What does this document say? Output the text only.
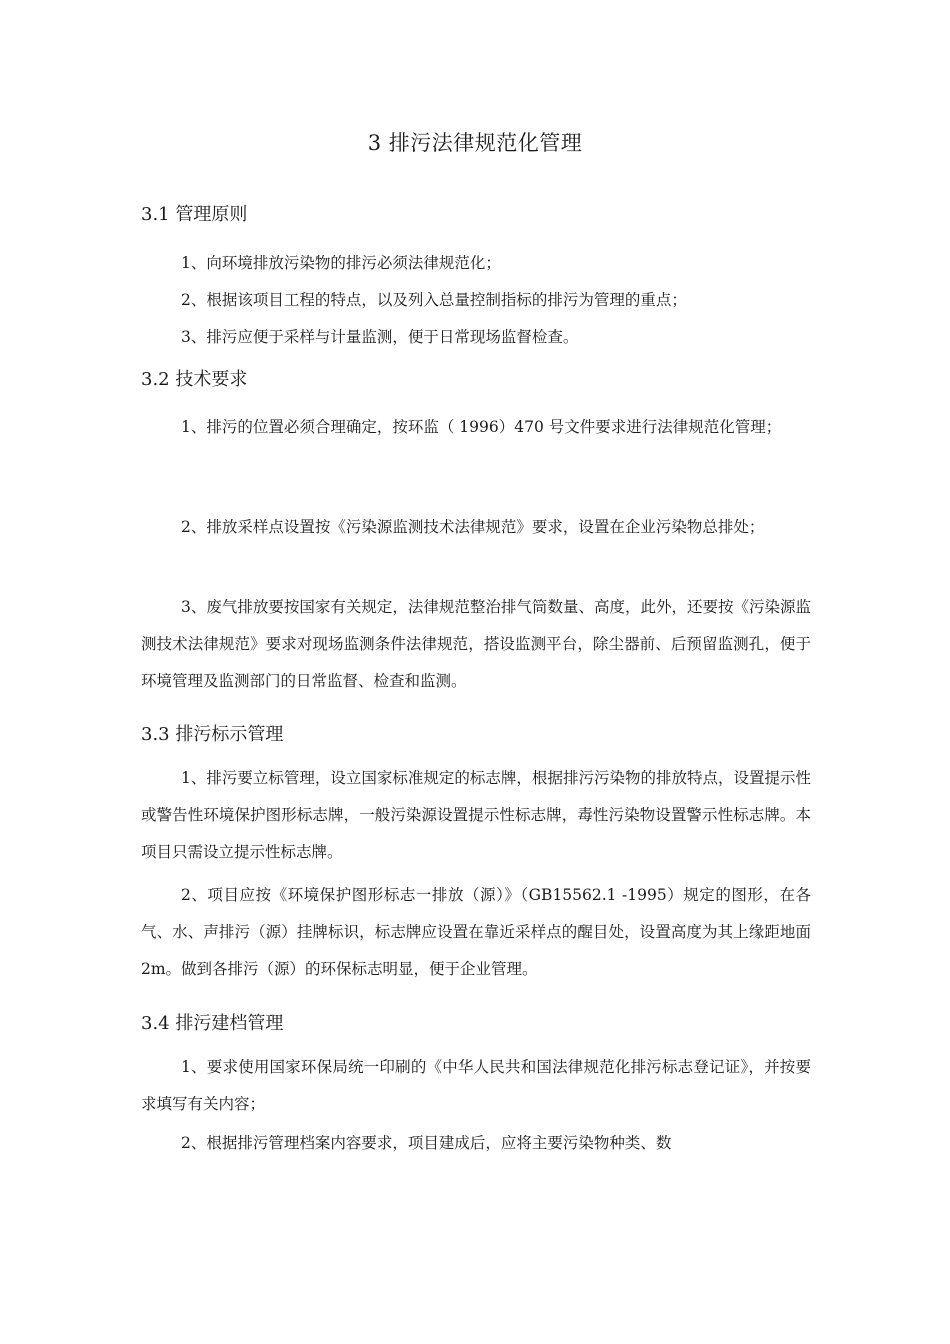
3 排污法律规范化管理
3.1 管理原则

1、向环境排放污染物的排污必须法律规范化；

2、根据该项目工程的特点，以及列入总量控制指标的排污为管理的重点；

3、排污应便于采样与计量监测，便于日常现场监督检查。

3.2 技术要求

1、排污的位置必须合理确定，按环监（ 1996）470 号文件要求进行法律规范化管理；

2、排放采样点设置按《污染源监测技术法律规范》要求，设置在企业污染物总排处；

3、废气排放要按国家有关规定，法律规范整治排气筒数量、高度，此外，还要按《污染源监测技术法律规范》要求对现场监测条件法律规范，搭设监测平台，除尘器前、后预留监测孔，便于环境管理及监测部门的日常监督、检查和监测。

3.3 排污标示管理

1、排污要立标管理，设立国家标准规定的标志牌，根据排污污染物的排放特点，设置提示性或警告性环境保护图形标志牌，一般污染源设置提示性标志牌，毒性污染物设置警示性标志牌。本项目只需设立提示性标志牌。

2、项目应按《环境保护图形标志一排放（源）》（GB15562.1 -1995）规定的图形，在各气、水、声排污（源）挂牌标识，标志牌应设置在靠近采样点的醒目处，设置高度为其上缘距地面 2m。做到各排污（源）的环保标志明显，便于企业管理。

3.4 排污建档管理

1、要求使用国家环保局统一印刷的《中华人民共和国法律规范化排污标志登记证》，并按要求填写有关内容；

2、根据排污管理档案内容要求，项目建成后，应将主要污染物种类、数
